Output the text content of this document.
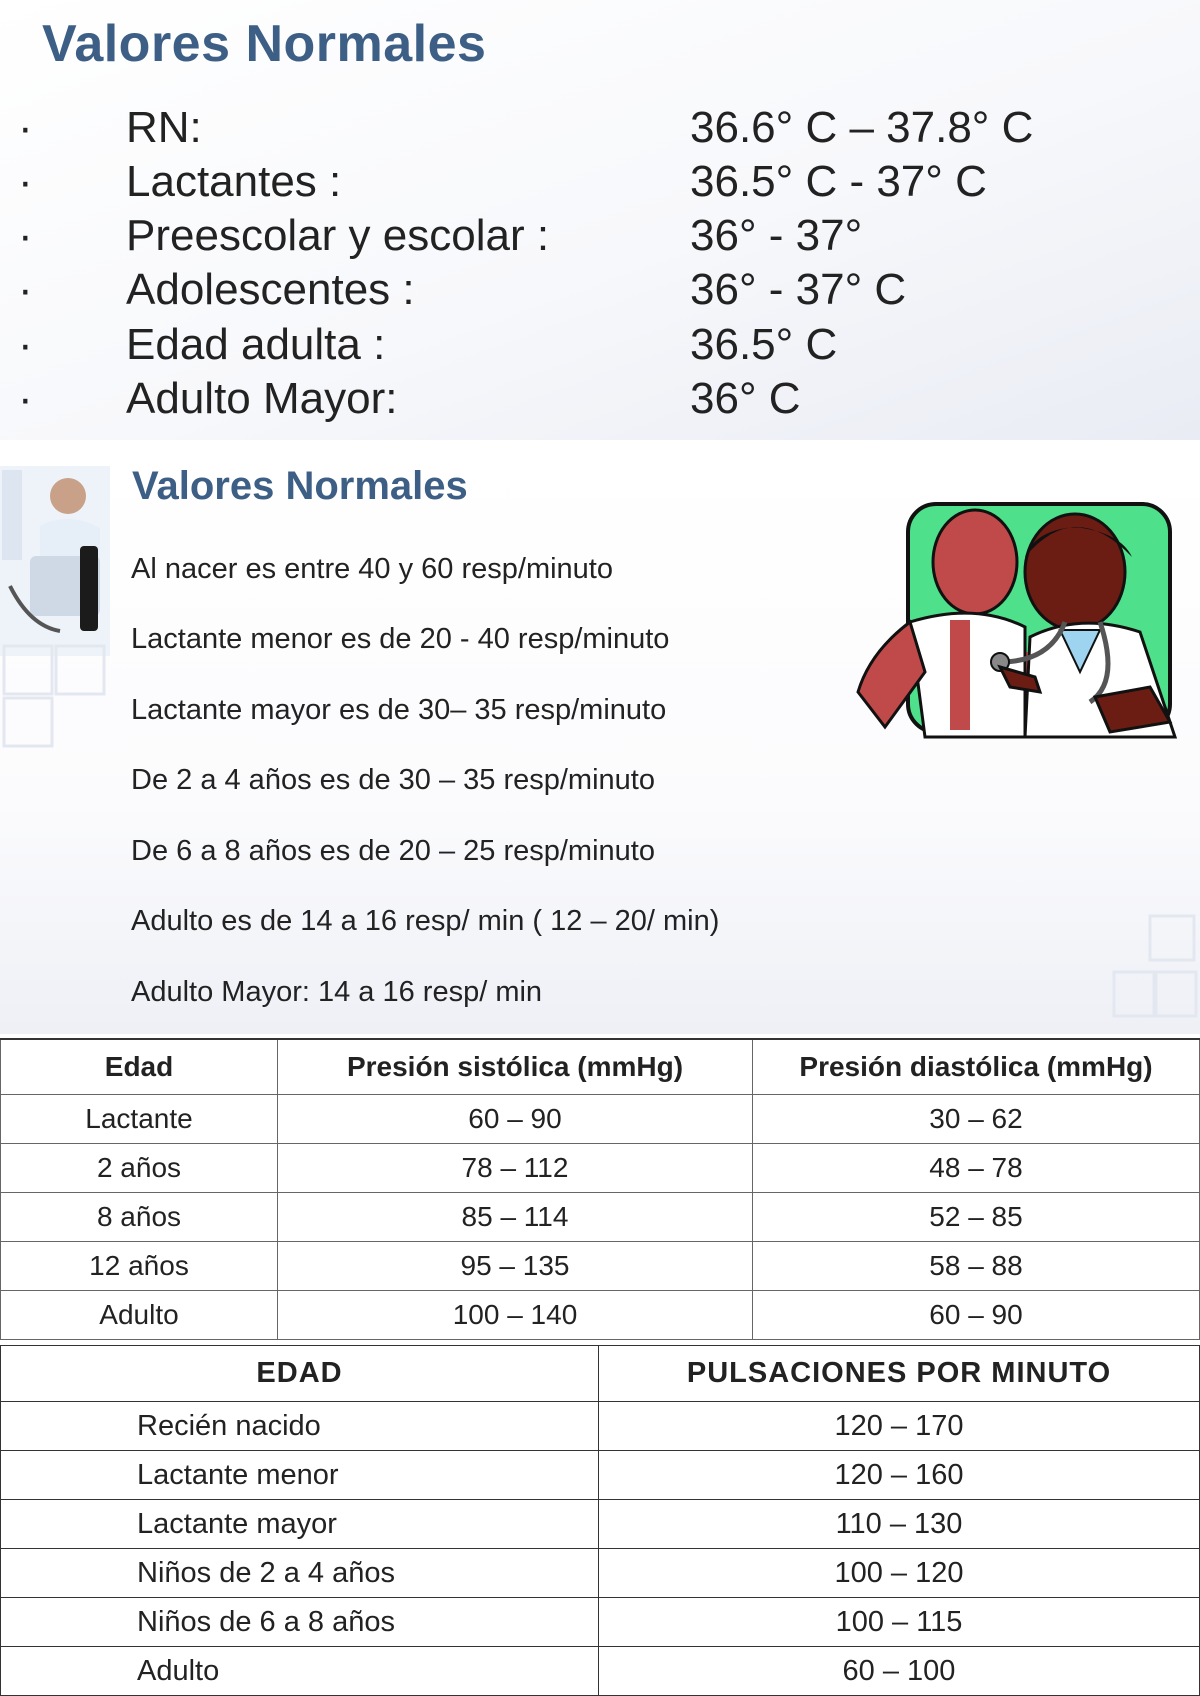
Valores Normales
· RN:	36.6° C – 37.8° C
· Lactantes :	36.5° C - 37° C
· Preescolar y escolar :	36° - 37°
· Adolescentes :	36° - 37° C
· Edad adulta :	36.5° C
· Adulto Mayor:	36° C
Valores Normales
Al nacer es entre 40 y 60 resp/minuto
Lactante menor es de 20 - 40 resp/minuto
Lactante mayor es de 30– 35 resp/minuto
De 2 a 4 años es de 30 – 35 resp/minuto
De 6 a 8 años es de 20 – 25 resp/minuto
Adulto es de 14 a 16 resp/ min ( 12 – 20/ min)
Adulto Mayor: 14 a 16 resp/ min
Edad	Presión sistólica (mmHg)	Presión diastólica (mmHg)
Lactante	60 – 90	30 – 62
2 años	78 – 112	48 – 78
8 años	85 – 114	52 – 85
12 años	95 – 135	58 – 88
Adulto	100 – 140	60 – 90
EDAD	PULSACIONES POR MINUTO
Recién nacido	120 – 170
Lactante menor	120 – 160
Lactante mayor	110 – 130
Niños de 2 a 4 años	100 – 120
Niños de 6 a 8 años	100 – 115
Adulto	60 – 100
